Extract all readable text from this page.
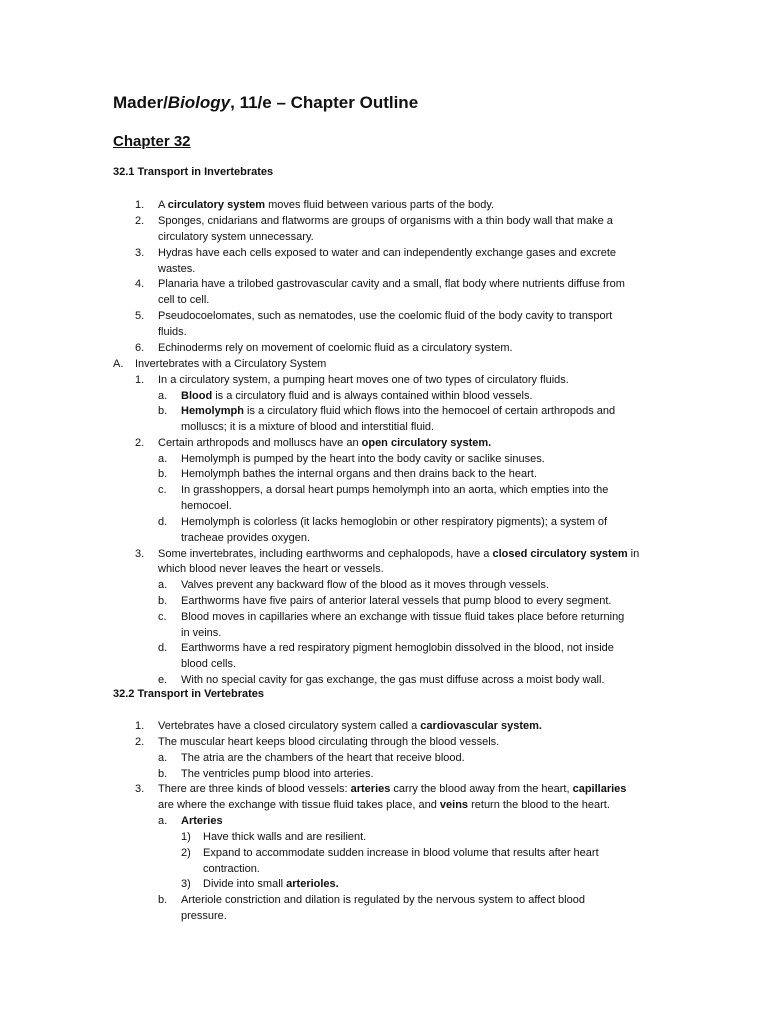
Mader/Biology, 11/e – Chapter Outline
Chapter 32
32.1 Transport in Invertebrates
1. A circulatory system moves fluid between various parts of the body.
2. Sponges, cnidarians and flatworms are groups of organisms with a thin body wall that make a
circulatory system unnecessary.
3. Hydras have each cells exposed to water and can independently exchange gases and excrete
wastes.
4. Planaria have a trilobed gastrovascular cavity and a small, flat body where nutrients diffuse from
cell to cell.
5. Pseudocoelomates, such as nematodes, use the coelomic fluid of the body cavity to transport
fluids.
6. Echinoderms rely on movement of coelomic fluid as a circulatory system.
A. Invertebrates with a Circulatory System
1. In a circulatory system, a pumping heart moves one of two types of circulatory fluids.
a. Blood is a circulatory fluid and is always contained within blood vessels.
b. Hemolymph is a circulatory fluid which flows into the hemocoel of certain arthropods and
molluscs; it is a mixture of blood and interstitial fluid.
2. Certain arthropods and molluscs have an open circulatory system.
a. Hemolymph is pumped by the heart into the body cavity or saclike sinuses.
b. Hemolymph bathes the internal organs and then drains back to the heart.
c. In grasshoppers, a dorsal heart pumps hemolymph into an aorta, which empties into the
hemocoel.
d. Hemolymph is colorless (it lacks hemoglobin or other respiratory pigments); a system of
tracheae provides oxygen.
3. Some invertebrates, including earthworms and cephalopods, have a closed circulatory system in
which blood never leaves the heart or vessels.
a. Valves prevent any backward flow of the blood as it moves through vessels.
b. Earthworms have five pairs of anterior lateral vessels that pump blood to every segment.
c. Blood moves in capillaries where an exchange with tissue fluid takes place before returning
in veins.
d. Earthworms have a red respiratory pigment hemoglobin dissolved in the blood, not inside
blood cells.
e. With no special cavity for gas exchange, the gas must diffuse across a moist body wall.
32.2 Transport in Vertebrates
1. Vertebrates have a closed circulatory system called a cardiovascular system.
2. The muscular heart keeps blood circulating through the blood vessels.
a. The atria are the chambers of the heart that receive blood.
b. The ventricles pump blood into arteries.
3. There are three kinds of blood vessels: arteries carry the blood away from the heart, capillaries
are where the exchange with tissue fluid takes place, and veins return the blood to the heart.
a. Arteries
1) Have thick walls and are resilient.
2) Expand to accommodate sudden increase in blood volume that results after heart
contraction.
3) Divide into small arterioles.
b. Arteriole constriction and dilation is regulated by the nervous system to affect blood
pressure.
